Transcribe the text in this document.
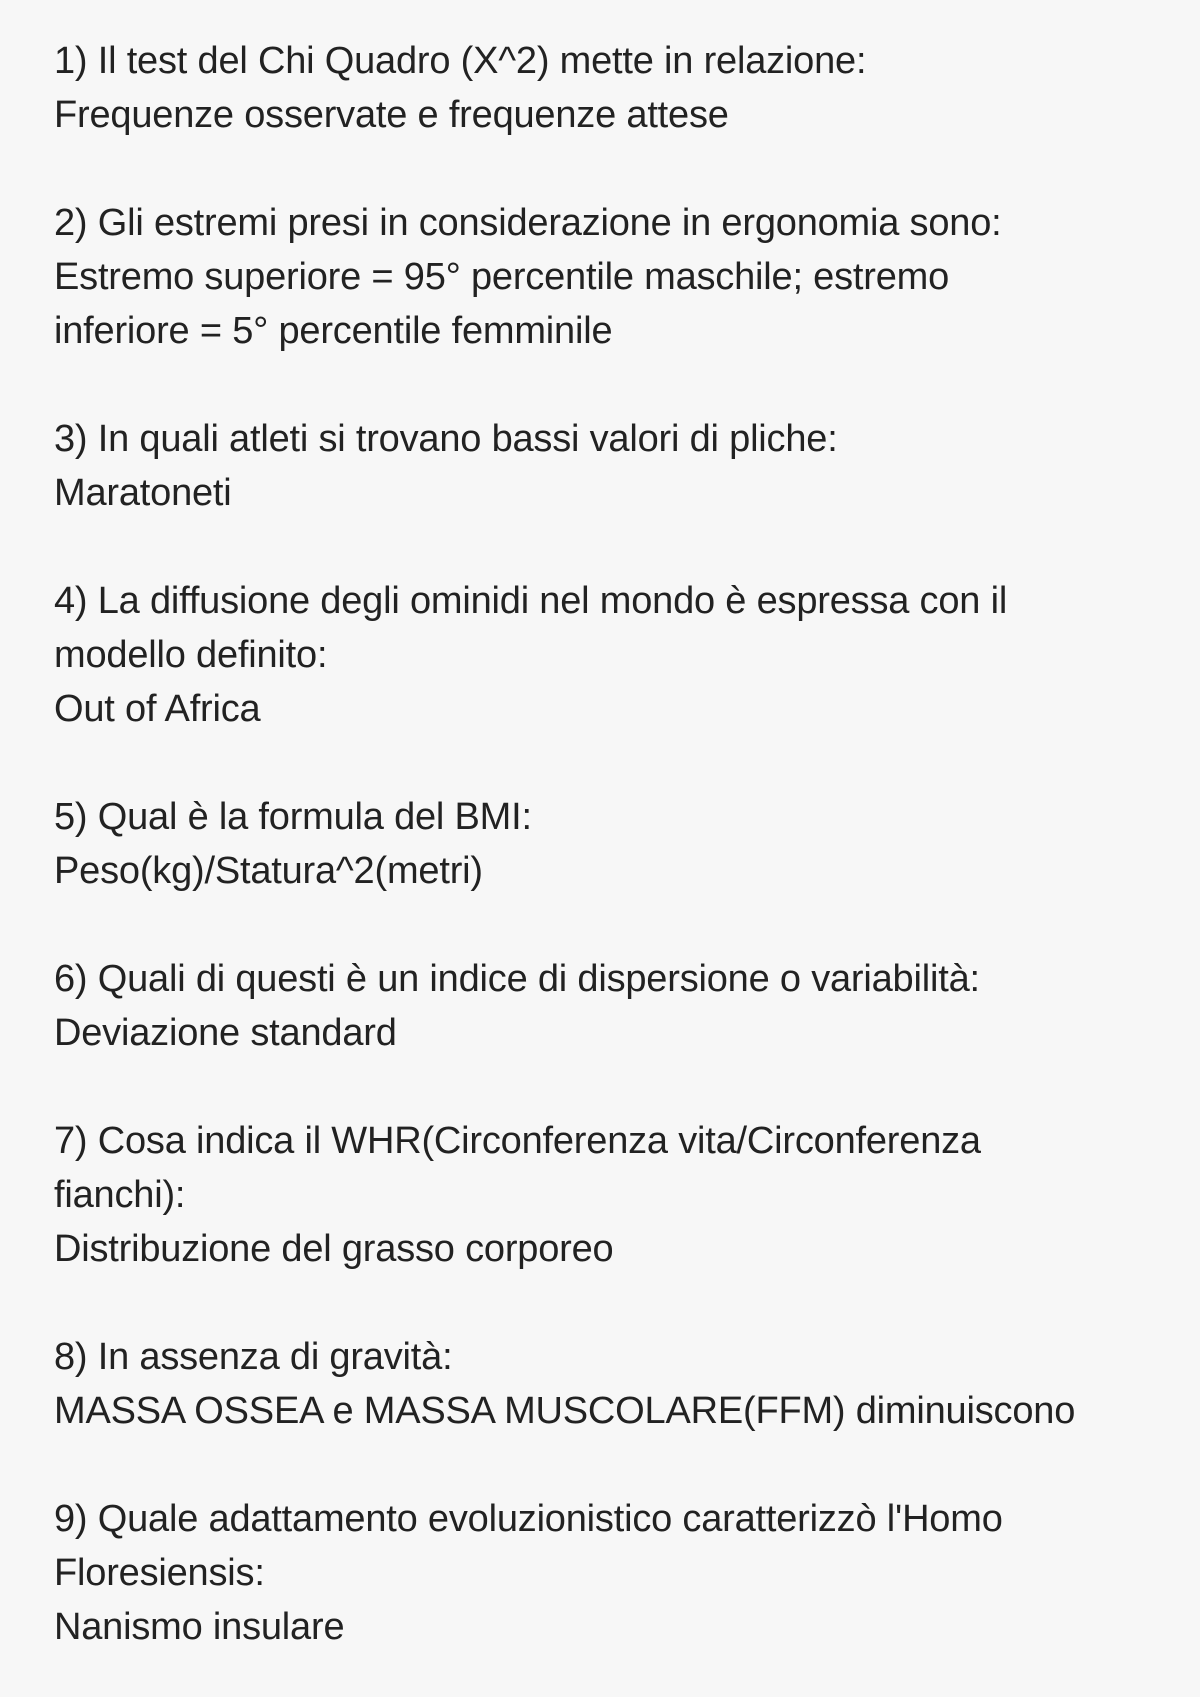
1) Il test del Chi Quadro (X^2) mette in relazione:
Frequenze osservate e frequenze attese
2) Gli estremi presi in considerazione in ergonomia sono:
Estremo superiore = 95° percentile maschile; estremo
inferiore = 5° percentile femminile
3) In quali atleti si trovano bassi valori di pliche:
Maratoneti
4) La diffusione degli ominidi nel mondo è espressa con il
modello definito:
Out of Africa
5) Qual è la formula del BMI:
Peso(kg)/Statura^2(metri)
6) Quali di questi è un indice di dispersione o variabilità:
Deviazione standard
7) Cosa indica il WHR(Circonferenza vita/Circonferenza
fianchi):
Distribuzione del grasso corporeo
8) In assenza di gravità:
MASSA OSSEA e MASSA MUSCOLARE(FFM) diminuiscono
9) Quale adattamento evoluzionistico caratterizzò l'Homo
Floresiensis:
Nanismo insulare
